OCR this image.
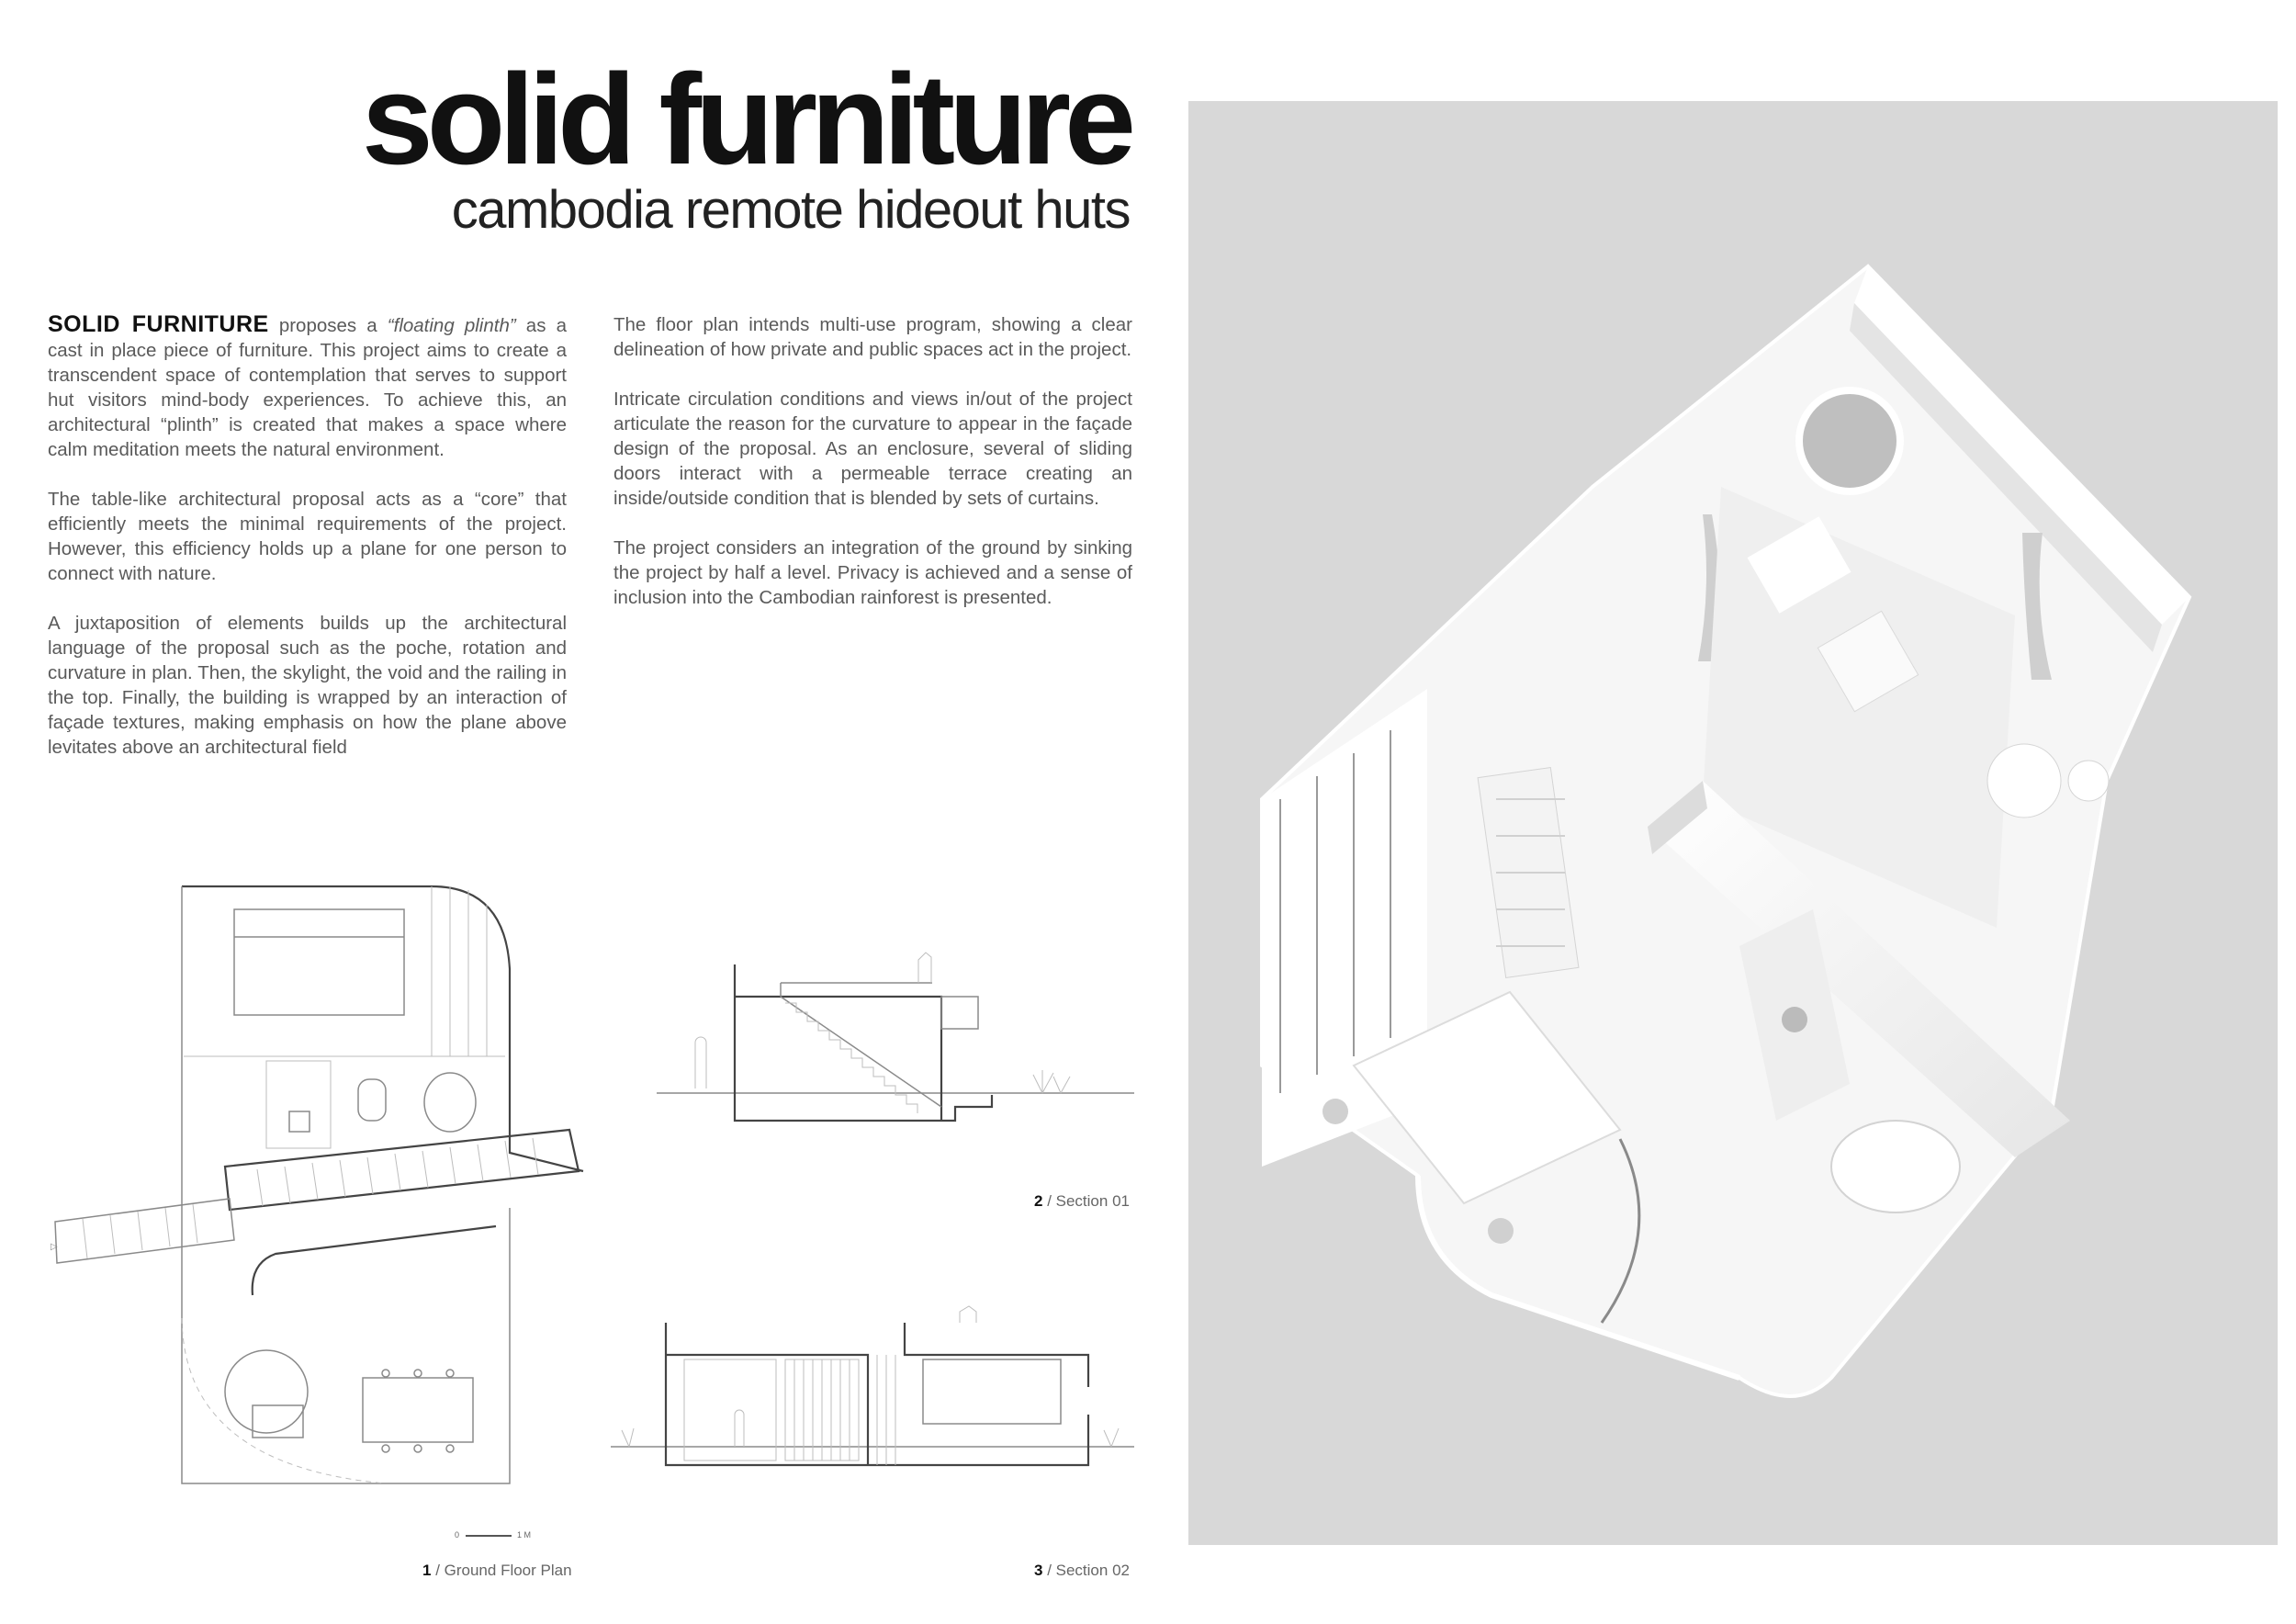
solid furniture
cambodia remote hideout huts

SOLID FURNITURE proposes a “floating plinth” as a cast in place piece of furniture. This project aims to create a transcendent space of contemplation that serves to support hut visitors mind-body experiences. To achieve this, an architectural “plinth” is created that makes a space where calm meditation meets the natural environment.

The table-like architectural proposal acts as a “core” that efficiently meets the minimal requirements of the project. However, this efficiency holds up a plane for one person to connect with nature.

A juxtaposition of elements builds up the architectural language of the proposal such as the poche, rotation and curvature in plan. Then, the skylight, the void and the railing in the top. Finally, the building is wrapped by an interaction of façade textures, making emphasis on how the plane above levitates above an architectural field

The floor plan intends multi-use program, showing a clear delineation of how private and public spaces act in the project.

Intricate circulation conditions and views in/out of the project articulate the reason for the curvature to appear in the façade design of the proposal. As an enclosure, several of sliding doors interact with a permeable terrace creating an inside/outside condition that is blended by sets of curtains.

The project considers an integration of the ground by sinking the project by half a level. Privacy is achieved and a sense of inclusion into the Cambodian rainforest is presented.

▷
0	1 M
1 / Ground Floor Plan
2 / Section 01
3 / Section 02
